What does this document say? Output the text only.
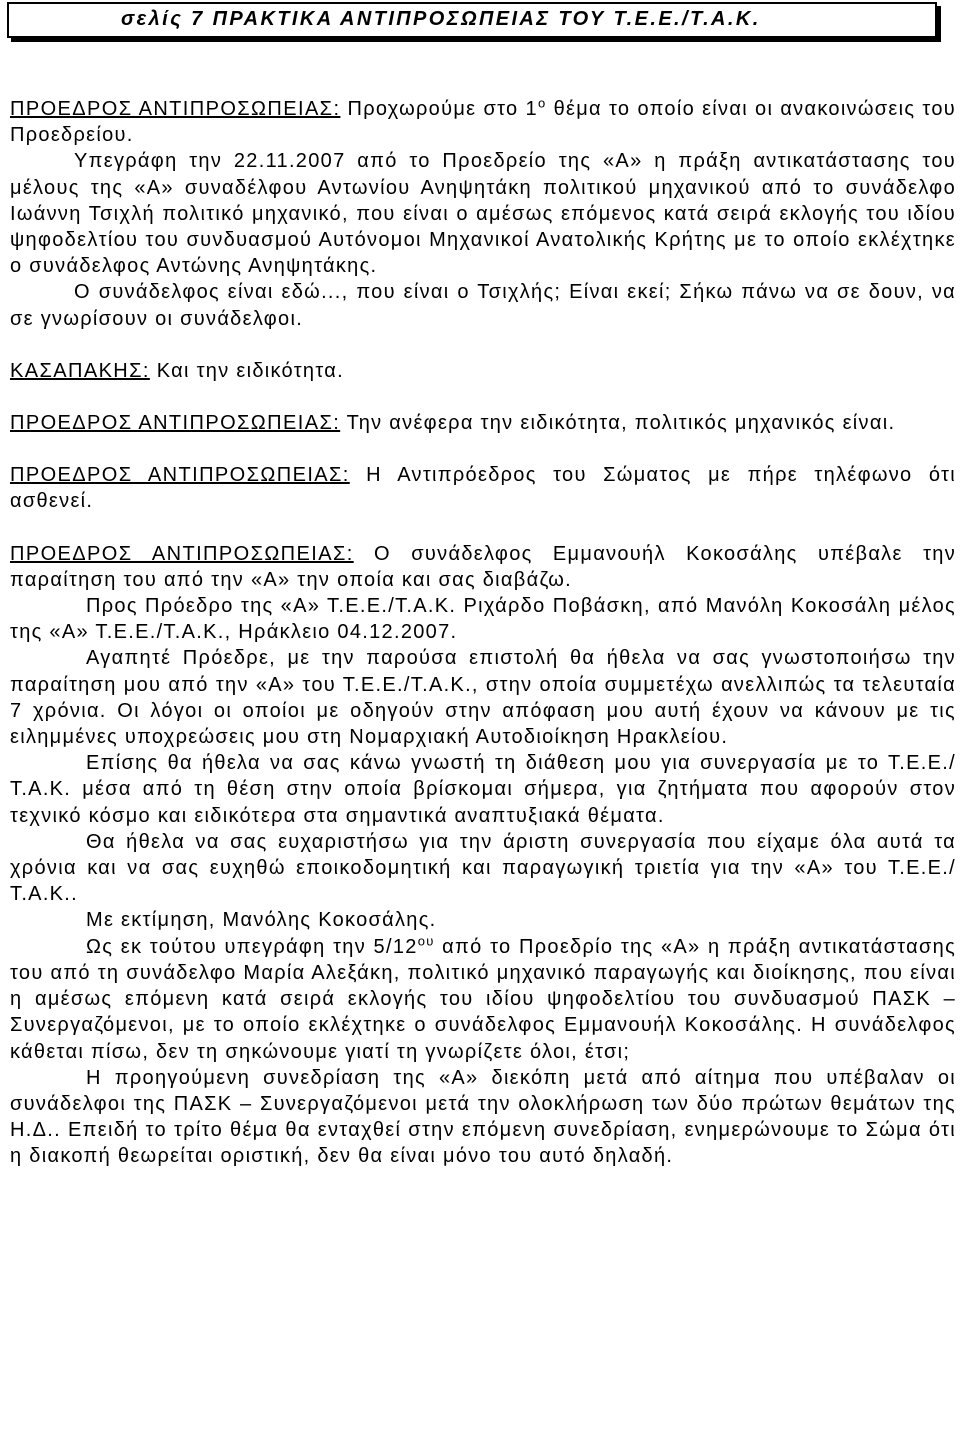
σελίς 7 ΠΡΑΚΤΙΚΑ ΑΝΤΙΠΡΟΣΩΠΕΙΑΣ ΤΟΥ Τ.Ε.Ε./Τ.Α.Κ.

ΠΡΟΕΔΡΟΣ ΑΝΤΙΠΡΟΣΩΠΕΙΑΣ: Προχωρούμε στο $1^o$ θέμα το οποίο είναι οι ανακοινώσεις του Προεδρείου.

Υπεγράφη την 22.11.2007 από το Προεδρείο της «Α» η πράξη αντικατάστασης του μέλους της «Α» συναδέλφου Αντωνίου Ανηψητάκη πολιτικού μηχανικού από το συνάδελφο Ιωάννη Τσιχλή πολιτικό μηχανικό, που είναι ο αμέσως επόμενος κατά σειρά εκλογής του ιδίου ψηφοδελτίου του συνδυασμού Αυτόνομοι Μηχανικοί Ανατολικής Κρήτης με το οποίο εκλέχτηκε ο συνάδελφος Αντώνης Ανηψητάκης.

Ο συνάδελφος είναι εδώ..., που είναι ο Τσιχλής; Είναι εκεί; Σήκω πάνω να σε δουν, να σε γνωρίσουν οι συνάδελφοι.

ΚΑΣΑΠΑΚΗΣ: Και την ειδικότητα.

ΠΡΟΕΔΡΟΣ ΑΝΤΙΠΡΟΣΩΠΕΙΑΣ: Την ανέφερα την ειδικότητα, πολιτικός μηχανικός είναι.

ΠΡΟΕΔΡΟΣ ΑΝΤΙΠΡΟΣΩΠΕΙΑΣ: Η Αντιπρόεδρος του Σώματος με πήρε τηλέφωνο ότι ασθενεί.

ΠΡΟΕΔΡΟΣ ΑΝΤΙΠΡΟΣΩΠΕΙΑΣ: Ο συνάδελφος Εμμανουήλ Κοκοσάλης υπέβαλε την παραίτηση του από την «Α» την οποία και σας διαβάζω.

Προς Πρόεδρο της «Α» Τ.Ε.Ε./Τ.Α.Κ. Ριχάρδο Πoβάσκη, από Μανόλη Κοκοσάλη μέλος της «Α» Τ.Ε.Ε./Τ.Α.Κ., Ηράκλειο 04.12.2007.

Αγαπητέ Πρόεδρε, με την παρούσα επιστολή θα ήθελα να σας γνωστοποιήσω την παραίτηση μου από την «Α» του Τ.Ε.Ε./Τ.Α.Κ., στην οποία συμμετέχω ανελλιπώς τα τελευταία 7 χρόνια. Οι λόγοι οι οποίοι με οδηγούν στην απόφαση μου αυτή έχουν να κάνουν με τις ειλημμένες υποχρεώσεις μου στη Νομαρχιακή Αυτοδιοίκηση Ηρακλείου.

Επίσης θα ήθελα να σας κάνω γνωστή τη διάθεση μου για συνεργασία με το Τ.Ε.Ε./Τ.Α.Κ. μέσα από τη θέση στην οποία βρίσκομαι σήμερα, για ζητήματα που αφορούν στον τεχνικό κόσμο και ειδικότερα στα σημαντικά αναπτυξιακά θέματα.

Θα ήθελα να σας ευχαριστήσω για την άριστη συνεργασία που είχαμε όλα αυτά τα χρόνια και να σας ευχηθώ εποικοδομητική και παραγωγική τριετία για την «Α» του Τ.Ε.Ε./Τ.Α.Κ..

Με εκτίμηση, Μανόλης Κοκοσάλης.

Ως εκ τούτου υπεγράφη την $5/12^{o\upsilon}$ από το Προεδρίο της «Α» η πράξη αντικατάστασης του από τη συνάδελφο Μαρία Αλεξάκη, πολιτικό μηχανικό παραγωγής και διοίκησης, που είναι η αμέσως επόμενη κατά σειρά εκλογής του ιδίου ψηφοδελτίου του συνδυασμού ΠΑΣΚ – Συνεργαζόμενοι, με το οποίο εκλέχτηκε ο συνάδελφος Εμμανουήλ Κοκοσάλης. Η συνάδελφος κάθεται πίσω, δεν τη σηκώνουμε γιατί τη γνωρίζετε όλοι, έτσι;

Η προηγούμενη συνεδρίαση της «Α» διεκόπη μετά από αίτημα που υπέβαλαν οι συνάδελφοι της ΠΑΣΚ – Συνεργαζόμενοι μετά την ολοκλήρωση των δύο πρώτων θεμάτων της Η.Δ.. Επειδή το τρίτο θέμα θα ενταχθεί στην επόμενη συνεδρίαση, ενημερώνουμε το Σώμα ότι η διακοπή θεωρείται οριστική, δεν θα είναι μόνο του αυτό δηλαδή.
